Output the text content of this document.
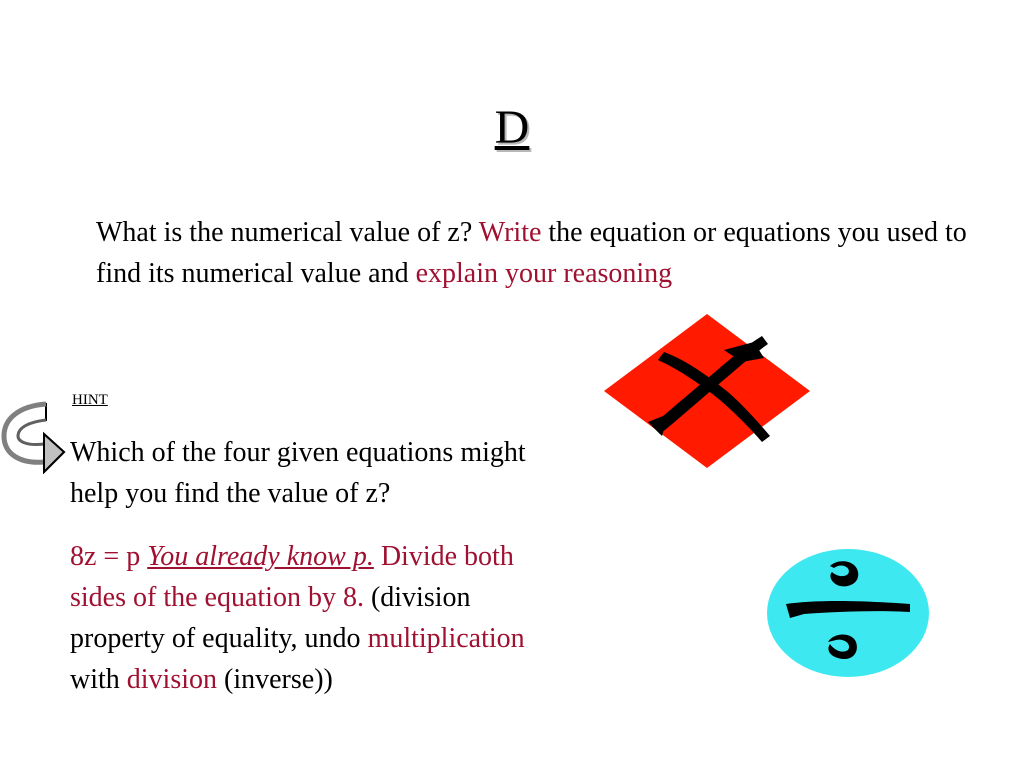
D
What is the numerical value of z? Write the equation or equations you used to find its numerical value and explain your reasoning
HINT
Which of the four given equations might help you find the value of z?
8z = p You already know p. Divide both sides of the equation by 8. (division property of equality, undo multiplication with division (inverse))
